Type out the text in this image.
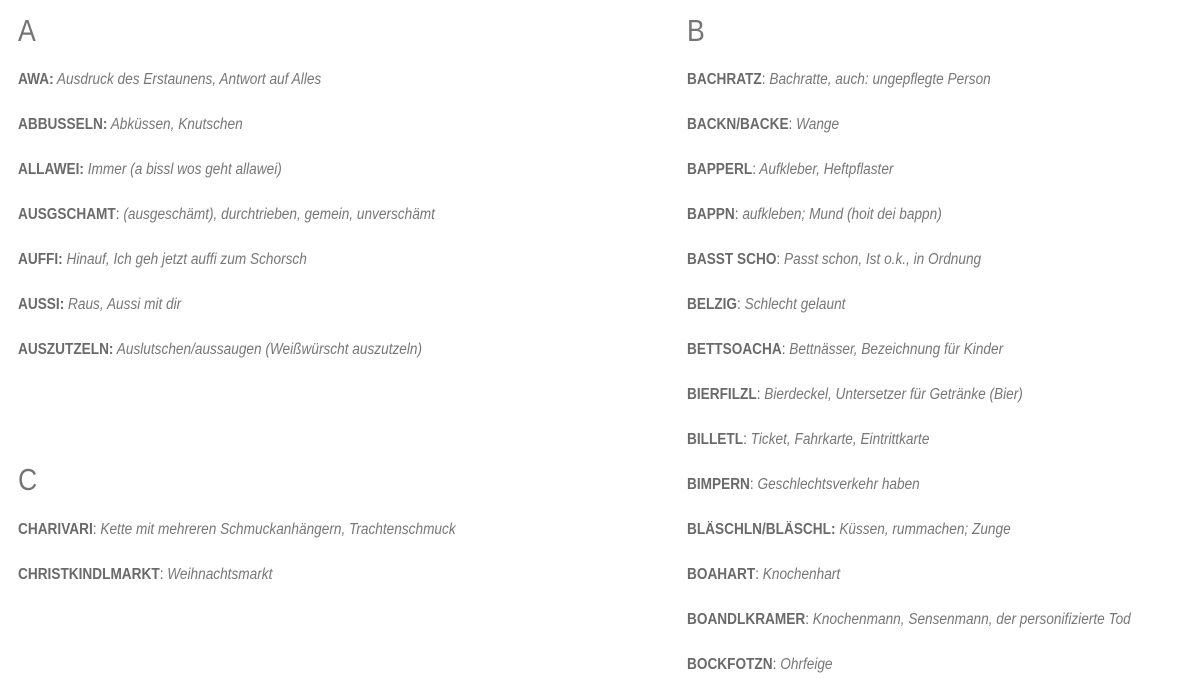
A
AWA: Ausdruck des Erstaunens, Antwort auf Alles
ABBUSSELN: Abküssen, Knutschen
ALLAWEI: Immer (a bissl wos geht allawei)
AUSGSCHAMT: (ausgeschämt), durchtrieben, gemein, unverschämt
AUFFI: Hinauf, Ich geh jetzt auffi zum Schorsch
AUSSI: Raus, Aussi mit dir
AUSZUTZELN: Auslutschen/aussaugen (Weißwürscht auszutzeln)
C
CHARIVARI: Kette mit mehreren Schmuckanhängern, Trachtenschmuck
CHRISTKINDLMARKT: Weihnachtsmarkt
B
BACHRATZ: Bachratte, auch: ungepflegte Person
BACKN/BACKE: Wange
BAPPERL: Aufkleber, Heftpflaster
BAPPN: aufkleben; Mund (hoit dei bappn)
BASST SCHO: Passt schon, Ist o.k., in Ordnung
BELZIG: Schlecht gelaunt
BETTSOACHA: Bettnässer, Bezeichnung für Kinder
BIERFILZL: Bierdeckel, Untersetzer für Getränke (Bier)
BILLETL: Ticket, Fahrkarte, Eintrittkarte
BIMPERN: Geschlechtsverkehr haben
BLÄSCHLN/BLÄSCHL: Küssen, rummachen; Zunge
BOAHART: Knochenhart
BOANDLKRAMER: Knochenmann, Sensenmann, der personifizierte Tod
BOCKFOTZN: Ohrfeige
